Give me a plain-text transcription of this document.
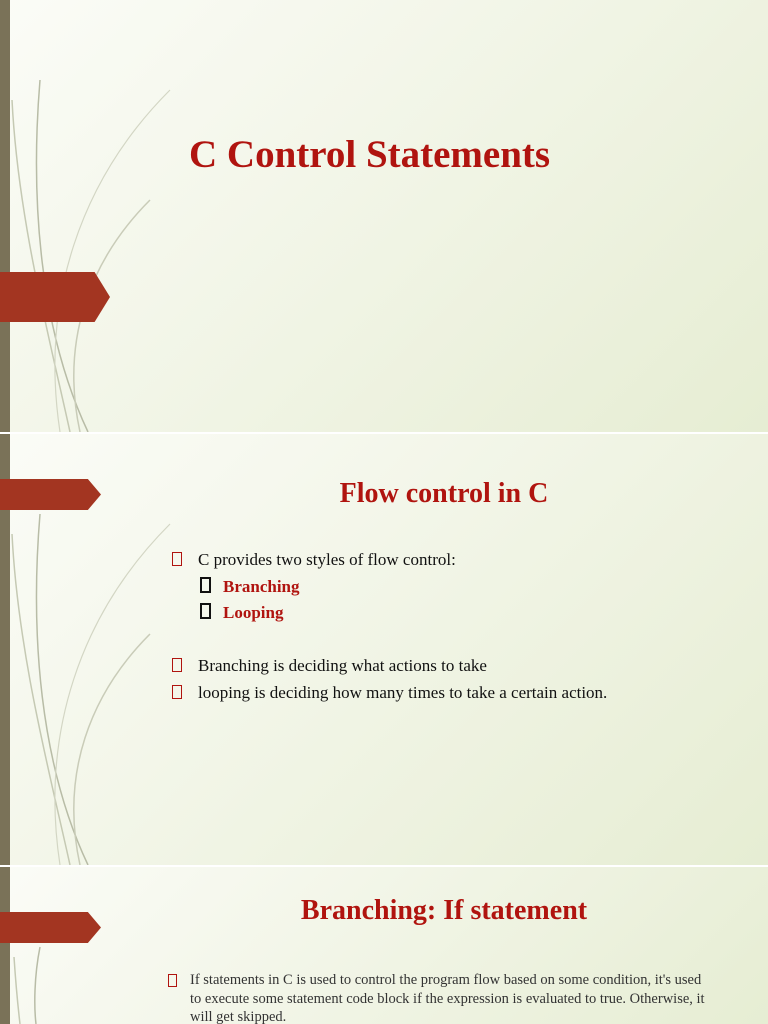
C Control Statements
Flow control in C
C provides two styles of flow control:
Branching
Looping
Branching is deciding what actions to take
looping is deciding how many times to take a certain action.
Branching: If statement
If statements in C is used to control the program flow based on some condition, it's used to execute some statement code block if the expression is evaluated to true. Otherwise, it will get skipped.
